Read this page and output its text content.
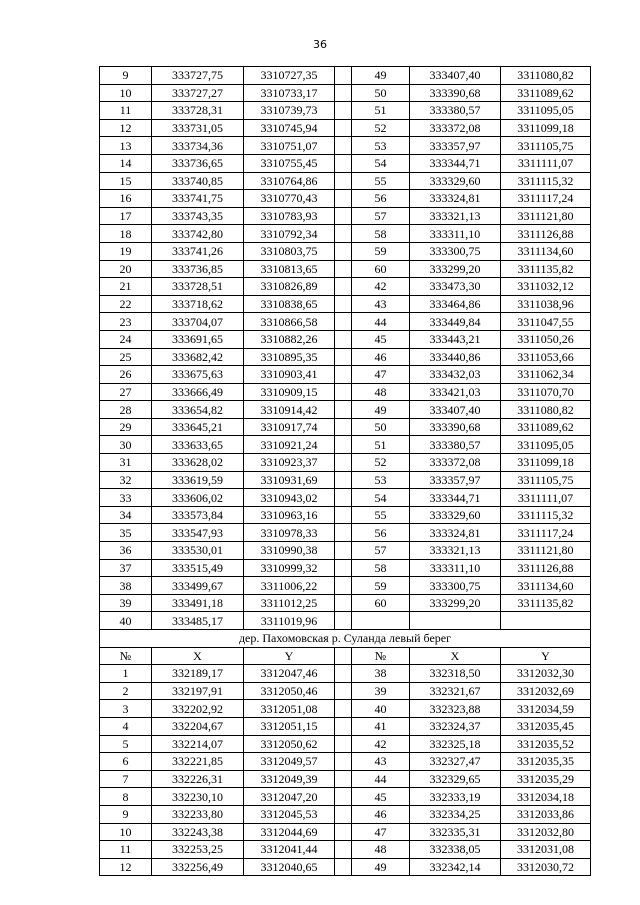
36
9	333727,75	3310727,35		49	333407,40	3311080,82
10	333727,27	3310733,17		50	333390,68	3311089,62
11	333728,31	3310739,73		51	333380,57	3311095,05
12	333731,05	3310745,94		52	333372,08	3311099,18
13	333734,36	3310751,07		53	333357,97	3311105,75
14	333736,65	3310755,45		54	333344,71	3311111,07
15	333740,85	3310764,86		55	333329,60	3311115,32
16	333741,75	3310770,43		56	333324,81	3311117,24
17	333743,35	3310783,93		57	333321,13	3311121,80
18	333742,80	3310792,34		58	333311,10	3311126,88
19	333741,26	3310803,75		59	333300,75	3311134,60
20	333736,85	3310813,65		60	333299,20	3311135,82
21	333728,51	3310826,89		42	333473,30	3311032,12
22	333718,62	3310838,65		43	333464,86	3311038,96
23	333704,07	3310866,58		44	333449,84	3311047,55
24	333691,65	3310882,26		45	333443,21	3311050,26
25	333682,42	3310895,35		46	333440,86	3311053,66
26	333675,63	3310903,41		47	333432,03	3311062,34
27	333666,49	3310909,15		48	333421,03	3311070,70
28	333654,82	3310914,42		49	333407,40	3311080,82
29	333645,21	3310917,74		50	333390,68	3311089,62
30	333633,65	3310921,24		51	333380,57	3311095,05
31	333628,02	3310923,37		52	333372,08	3311099,18
32	333619,59	3310931,69		53	333357,97	3311105,75
33	333606,02	3310943,02		54	333344,71	3311111,07
34	333573,84	3310963,16		55	333329,60	3311115,32
35	333547,93	3310978,33		56	333324,81	3311117,24
36	333530,01	3310990,38		57	333321,13	3311121,80
37	333515,49	3310999,32		58	333311,10	3311126,88
38	333499,67	3311006,22		59	333300,75	3311134,60
39	333491,18	3311012,25		60	333299,20	3311135,82
40	333485,17	3311019,96				
дер. Пахомовская р. Суланда левый берег						
№	X	Y		№	X	Y
1	332189,17	3312047,46		38	332318,50	3312032,30
2	332197,91	3312050,46		39	332321,67	3312032,69
3	332202,92	3312051,08		40	332323,88	3312034,59
4	332204,67	3312051,15		41	332324,37	3312035,45
5	332214,07	3312050,62		42	332325,18	3312035,52
6	332221,85	3312049,57		43	332327,47	3312035,35
7	332226,31	3312049,39		44	332329,65	3312035,29
8	332230,10	3312047,20		45	332333,19	3312034,18
9	332233,80	3312045,53		46	332334,25	3312033,86
10	332243,38	3312044,69		47	332335,31	3312032,80
11	332253,25	3312041,44		48	332338,05	3312031,08
12	332256,49	3312040,65		49	332342,14	3312030,72
